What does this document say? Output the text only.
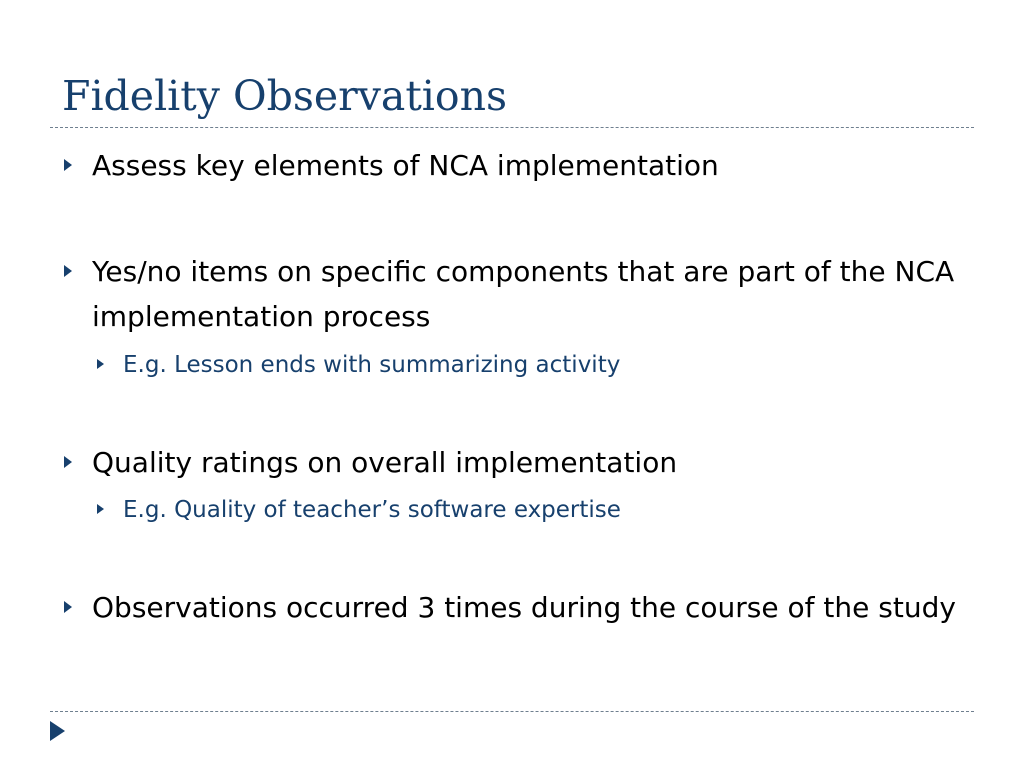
Fidelity Observations
Assess key elements of NCA implementation
Yes/no items on specific components that are part of the NCA implementation process
E.g. Lesson ends with summarizing activity
Quality ratings on overall implementation
E.g. Quality of teacher’s software expertise
Observations occurred 3 times during the course of the study
